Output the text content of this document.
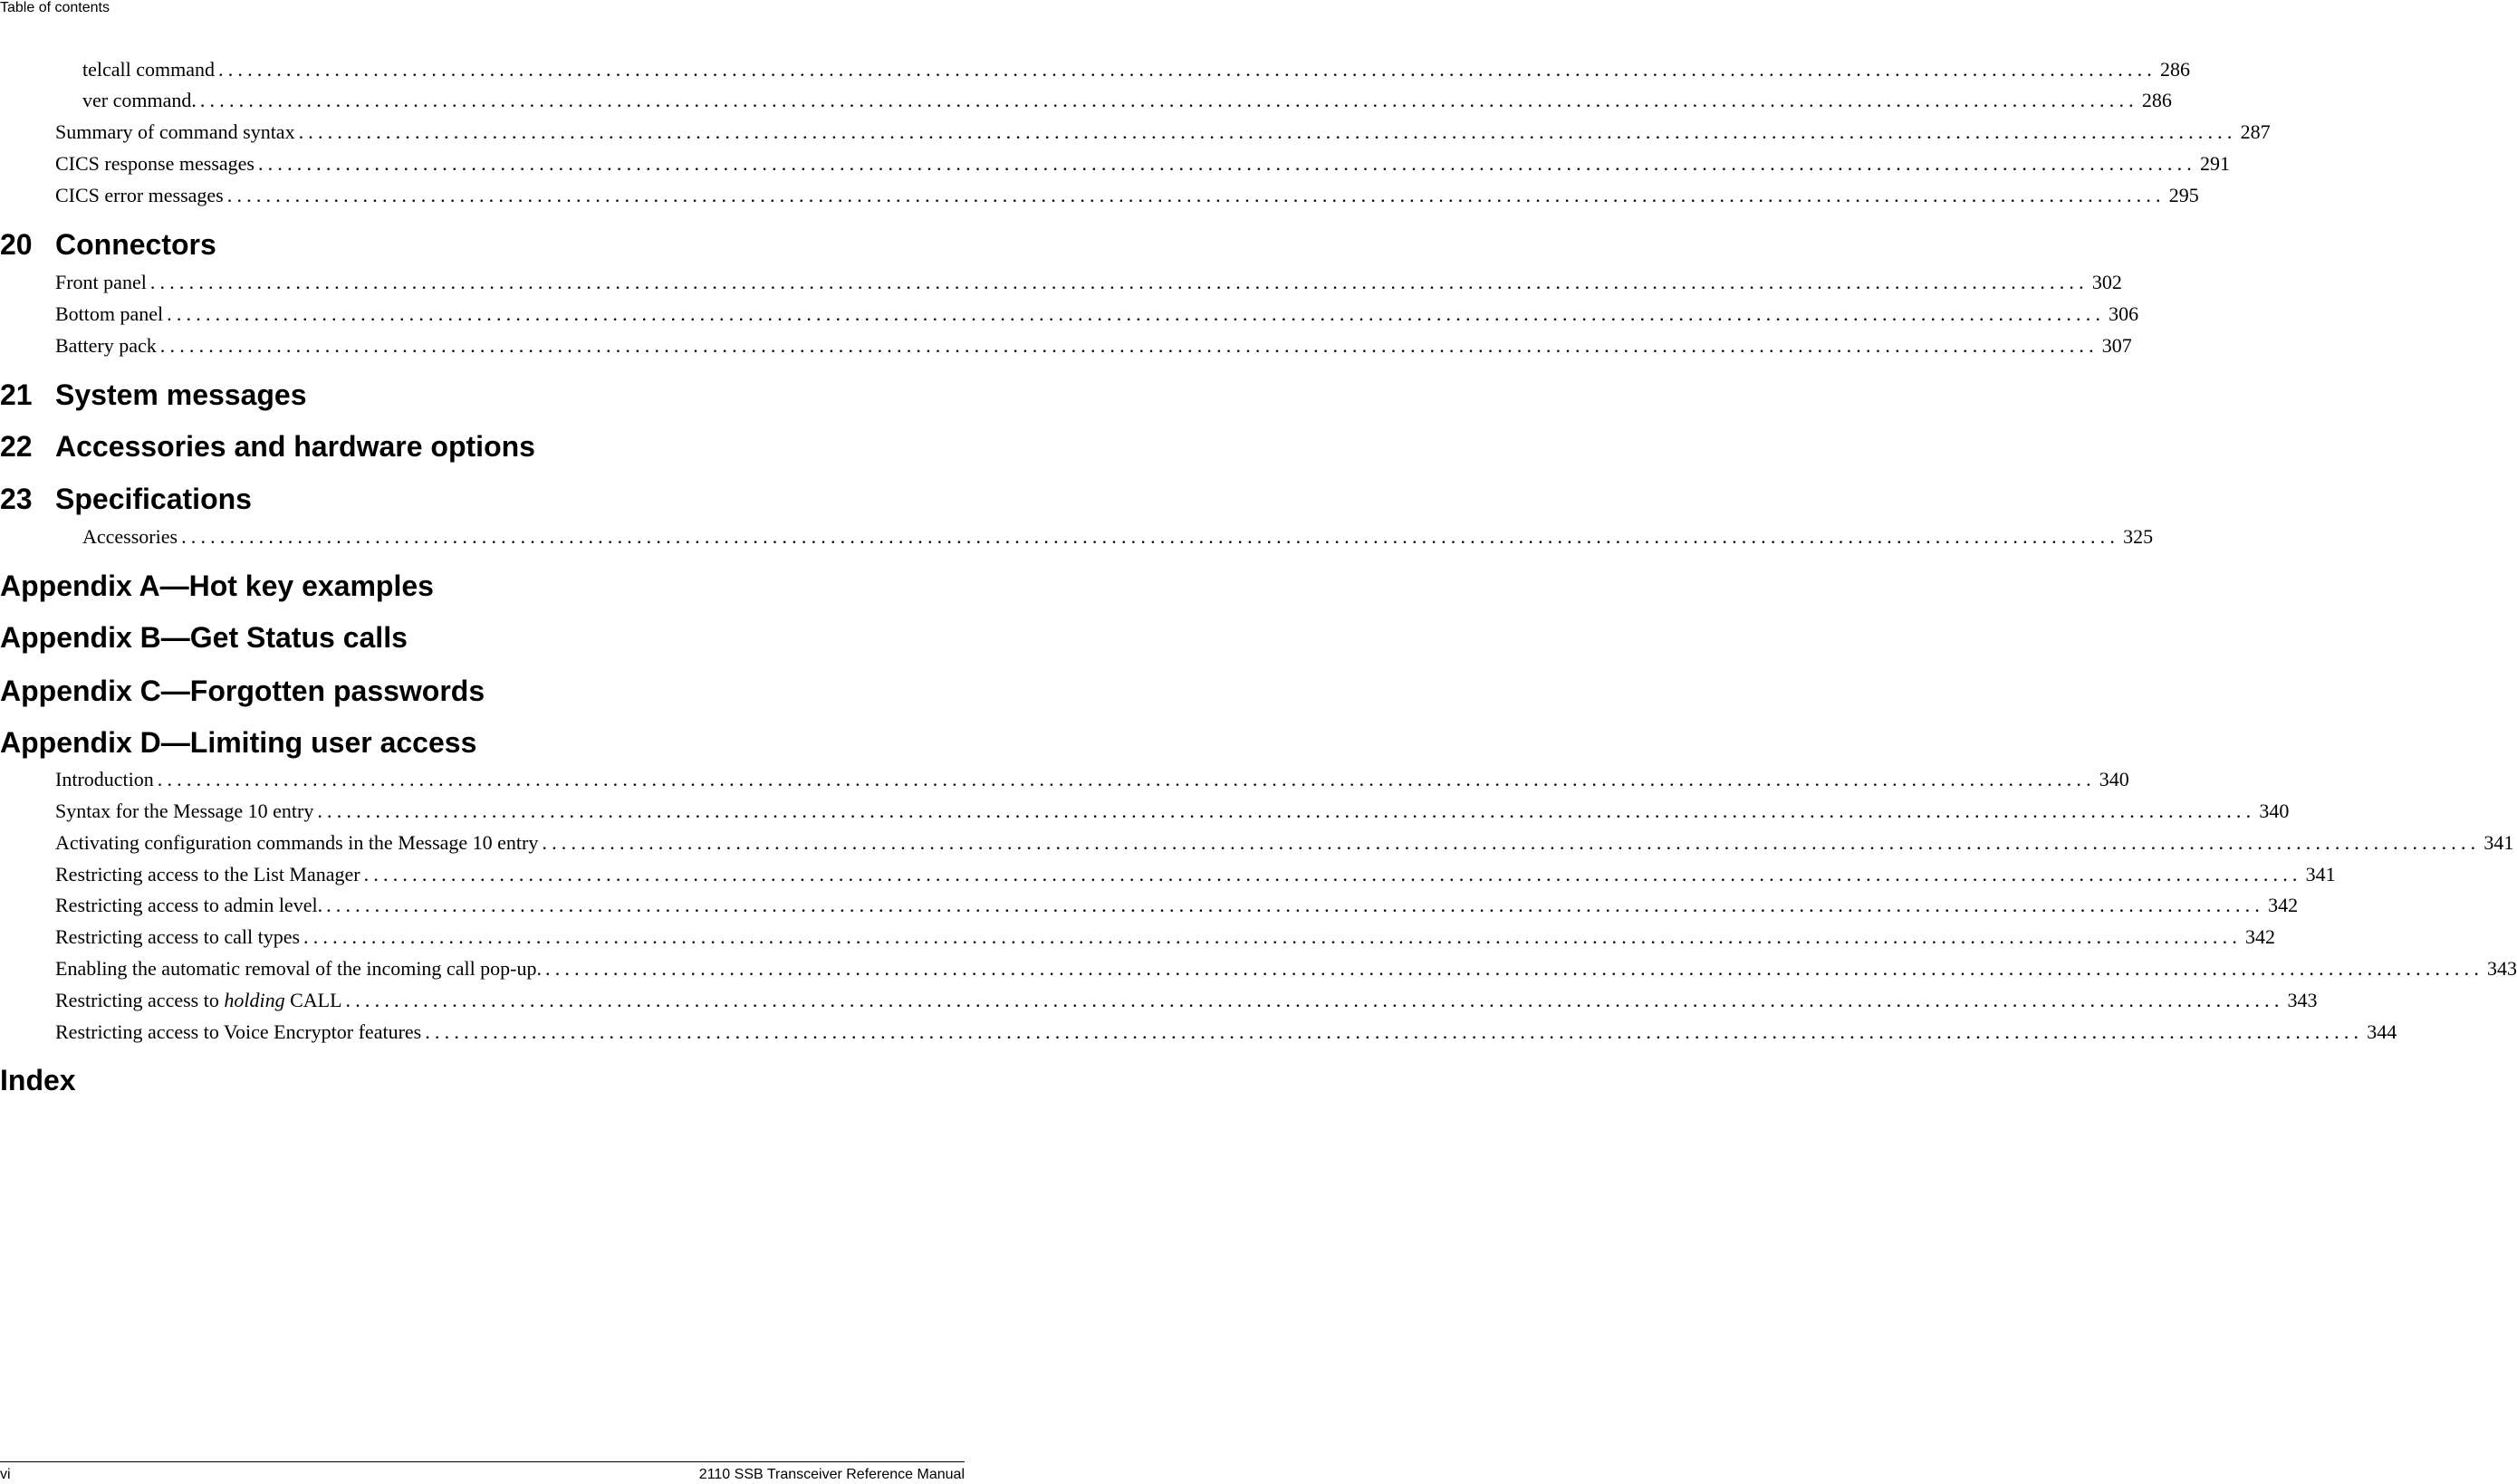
Table of contents
telcall command ........................................................................................................................................................................................................ 286
ver command. ........................................................................................................................................................................................................ 286
Summary of command syntax ........................................................................................................................................................................................................ 287
CICS response messages ........................................................................................................................................................................................................ 291
CICS error messages ........................................................................................................................................................................................................ 295
20 Connectors
Front panel ........................................................................................................................................................................................................ 302
Bottom panel ........................................................................................................................................................................................................ 306
Battery pack ........................................................................................................................................................................................................ 307
21 System messages
22 Accessories and hardware options
23 Specifications
Accessories ........................................................................................................................................................................................................ 325
Appendix A—Hot key examples
Appendix B—Get Status calls
Appendix C—Forgotten passwords
Appendix D—Limiting user access
Introduction ........................................................................................................................................................................................................ 340
Syntax for the Message 10 entry ........................................................................................................................................................................................................ 340
Activating configuration commands in the Message 10 entry ........................................................................................................................................................................................................ 341
Restricting access to the List Manager ........................................................................................................................................................................................................ 341
Restricting access to admin level. ........................................................................................................................................................................................................ 342
Restricting access to call types ........................................................................................................................................................................................................ 342
Enabling the automatic removal of the incoming call pop-up. ........................................................................................................................................................................................................ 343
Restricting access to holding CALL ........................................................................................................................................................................................................ 343
Restricting access to Voice Encryptor features ........................................................................................................................................................................................................ 344
Index
vi	2110 SSB Transceiver Reference Manual
